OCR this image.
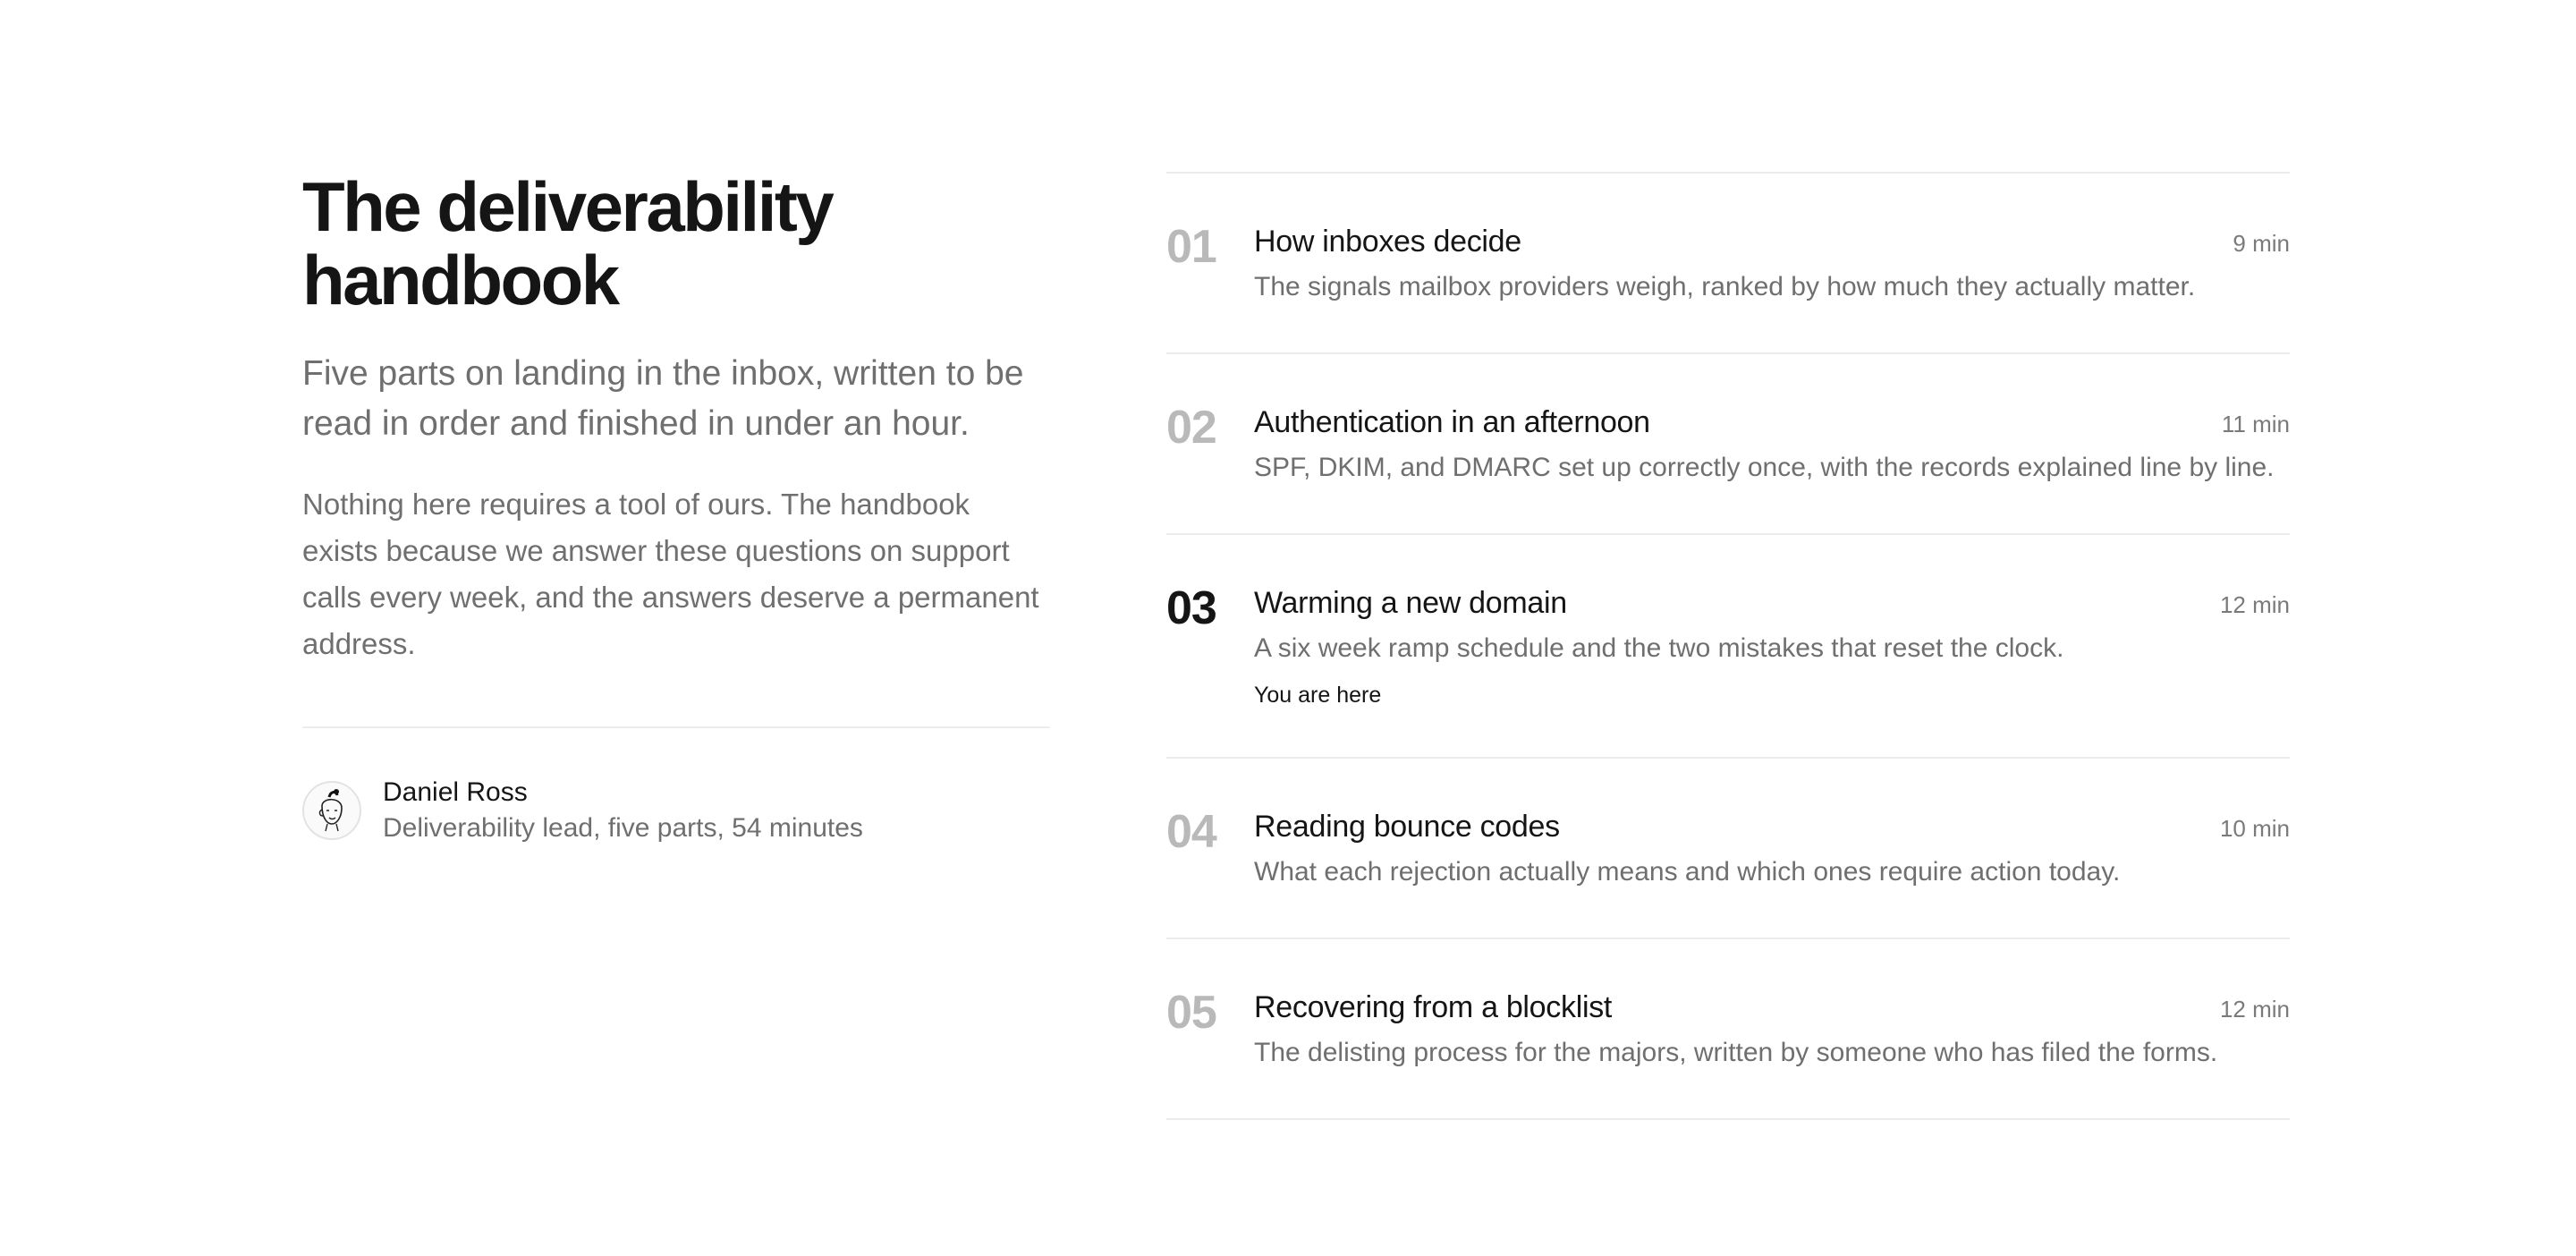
The deliverability
handbook

Five parts on landing in the inbox, written to be read in order and finished in under an hour.

Nothing here requires a tool of ours. The handbook exists because we answer these questions on support calls every week, and the answers deserve a permanent address.

Daniel Ross
Deliverability lead, five parts, 54 minutes
01 How inboxes decide	9 min

The signals mailbox providers weigh, ranked by how much they actually matter.

02 Authentication in an afternoon	11 min

SPF, DKIM, and DMARC set up correctly once, with the records explained line by line.

03 Warming a new domain	12 min

A six week ramp schedule and the two mistakes that reset the clock.

You are here

04 Reading bounce codes	10 min

What each rejection actually means and which ones require action today.

05 Recovering from a blocklist	12 min

The delisting process for the majors, written by someone who has filed the forms.
